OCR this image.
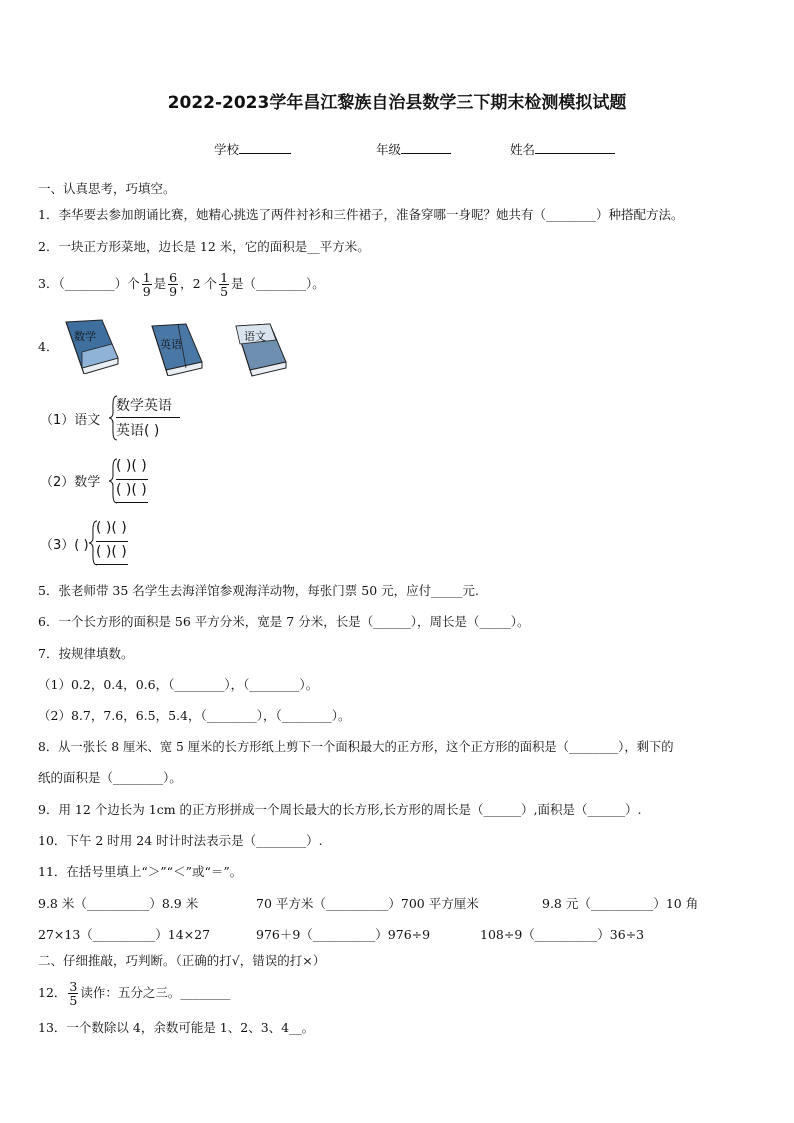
2022-2023学年昌江黎族自治县数学三下期末检测模拟试题
学校	年级	姓名
一、认真思考，巧填空。
1．李华要去参加朗诵比赛，她精心挑选了两件衬衫和三件裙子，准备穿哪一身呢？她共有（________）种搭配方法。
2．一块正方形菜地，边长是 12 米，它的面积是__平方米。
3．（________）个 $\frac{1}{9}$ 是 $\frac{6}{9}$ ，2 个 $\frac{1}{5}$ 是（________）。
4．
数学
英语
语文
（1）语文
数学英语
英语( )
（2）数学
( )( )
( )( )
（3）( )
( )( )
( )( )
5．张老师带 35 名学生去海洋馆参观海洋动物，每张门票 50 元，应付_____元.
6．一个长方形的面积是 56 平方分米，宽是 7 分米，长是（______），周长是（_____）。
7．按规律填数。
（1）0.2，0.4，0.6，（________），（________）。
（2）8.7，7.6，6.5，5.4，（________），（________）。
8．从一张长 8 厘米、宽 5 厘米的长方形纸上剪下一个面积最大的正方形，这个正方形的面积是（________），剩下的
纸的面积是（________）。
9．用 12 个边长为 1cm 的正方形拼成一个周长最大的长方形,长方形的周长是（______）,面积是（______）.
10．下午 2 时用 24 时计时法表示是（________）.
11．在括号里填上“＞”“＜”或“＝”。
9.8 米（__________）8.9 米	70 平方米（__________）700 平方厘米	9.8 元（__________）10 角
27×13（__________）14×27	976＋9（__________）976÷9	108÷9（__________）36÷3
二、仔细推敲，巧判断。（正确的打√，错误的打×）
12． $\frac{3}{5}$ 读作：五分之三。________
13．一个数除以 4，余数可能是 1、2、3、4__。
